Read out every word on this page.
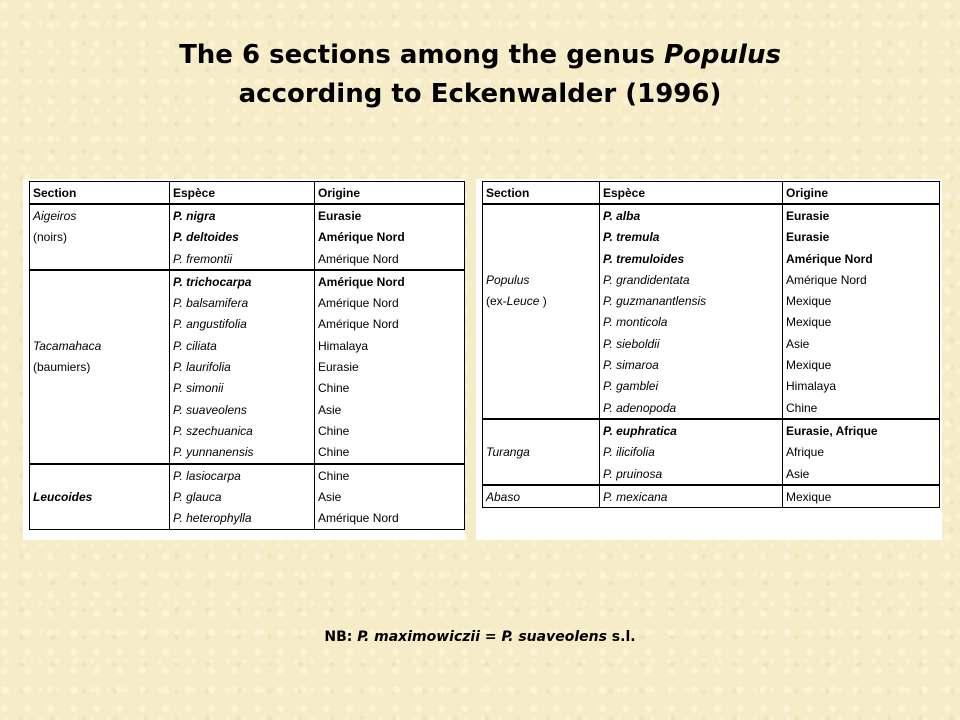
The 6 sections among the genus Populus
according to Eckenwalder (1996)
Section	Espèce	Origine
Aigeiros	P. nigra	Eurasie
(noirs)	P. deltoides	Amérique Nord
	P. fremontii	Amérique Nord
	P. trichocarpa	Amérique Nord
	P. balsamifera	Amérique Nord
	P. angustifolia	Amérique Nord
Tacamahaca	P. ciliata	Himalaya
(baumiers)	P. laurifolia	Eurasie
	P. simonii	Chine
	P. suaveolens	Asie
	P. szechuanica	Chine
	P. yunnanensis	Chine
	P. lasiocarpa	Chine
Leucoides	P. glauca	Asie
	P. heterophylla	Amérique Nord
Section	Espèce	Origine
	P. alba	Eurasie
	P. tremula	Eurasie
	P. tremuloides	Amérique Nord
Populus	P. grandidentata	Amérique Nord
(ex-Leuce )	P. guzmanantlensis	Mexique
	P. monticola	Mexique
	P. sieboldii	Asie
	P. simaroa	Mexique
	P. gamblei	Himalaya
	P. adenopoda	Chine
	P. euphratica	Eurasie, Afrique
Turanga	P. ilicifolia	Afrique
	P. pruinosa	Asie
Abaso	P. mexicana	Mexique
NB: P. maximowiczii = P. suaveolens s.l.
